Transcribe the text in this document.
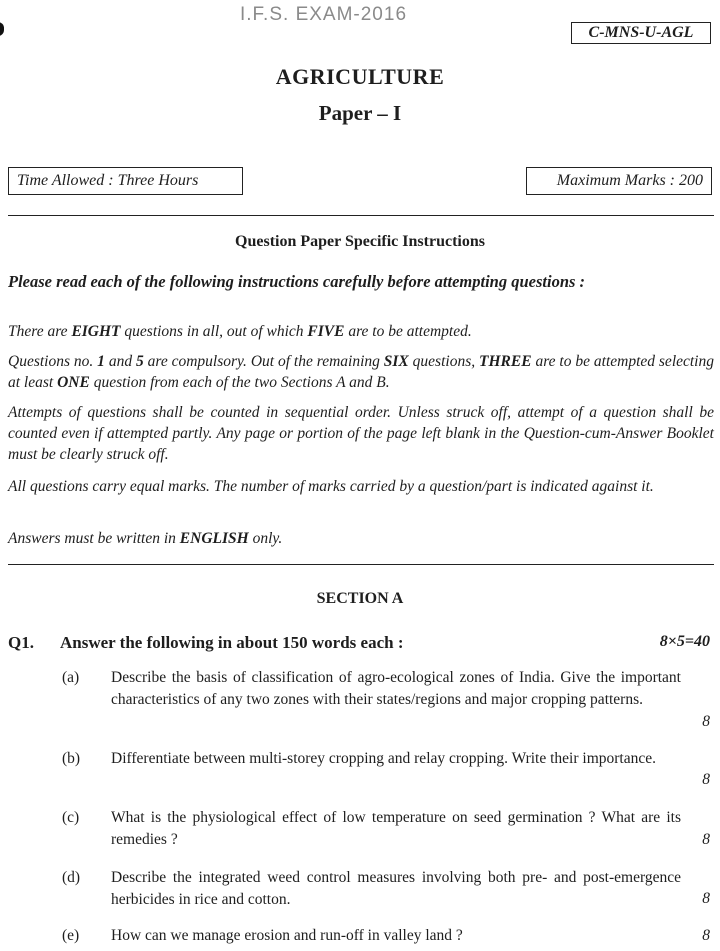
I.F.S. EXAM-2016
C-MNS-U-AGL
AGRICULTURE
Paper – I
Time Allowed : Three Hours	Maximum Marks : 200
Question Paper Specific Instructions

Please read each of the following instructions carefully before attempting questions :

There are EIGHT questions in all, out of which FIVE are to be attempted.

Questions no. 1 and 5 are compulsory. Out of the remaining SIX questions, THREE are to be attempted selecting at least ONE question from each of the two Sections A and B.

Attempts of questions shall be counted in sequential order. Unless struck off, attempt of a question shall be counted even if attempted partly. Any page or portion of the page left blank in the Question-cum-Answer Booklet must be clearly struck off.

All questions carry equal marks. The number of marks carried by a question/part is indicated against it.

Answers must be written in ENGLISH only.

SECTION A
Q1. Answer the following in about 150 words each :	8×5=40
(a) Describe the basis of classification of agro-ecological zones of India. Give the important characteristics of any two zones with their states/regions and major cropping patterns.

8
(b) Differentiate between multi-storey cropping and relay cropping. Write their importance.

8
(c) What is the physiological effect of low temperature on seed germination ? What are its remedies ?	8
(d) Describe the integrated weed control measures involving both pre- and post-emergence herbicides in rice and cotton.	8
(e) How can we manage erosion and run-off in valley land ?	8
